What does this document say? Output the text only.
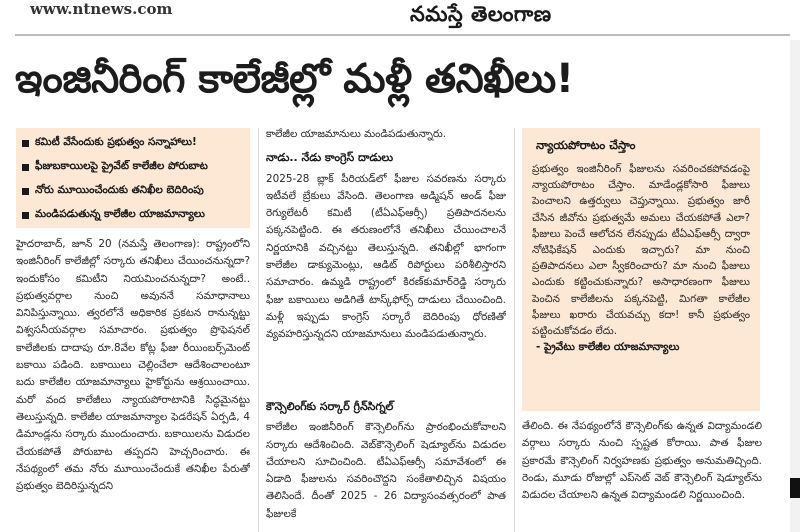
www.ntnews.com	నమస్తే తెలంగాణ
ఇంజినీరింగ్ కాలేజీల్లో మళ్లీ తనిఖీలు!
కమిటీ వేసేందుకు ప్రభుత్వం సన్నాహాలు!
ఫీజుబకాయిలపై ప్రైవేట్ కాలేజీల పోరుబాట
నోరు మూయించేందుకు తనిఖీల బెదిరింపు
మండిపడుతున్న కాలేజీల యాజమాన్యాలు

హైదరాబాద్, జూన్ 20 (నమస్తే తెలంగాణ): రాష్ట్రంలోని ఇంజినీరింగ్ కాలేజీల్లో సర్కారు తనిఖీలు చేయించనున్నదా? ఇందుకోసం కమిటీని నియమించనున్నదా? అంటే.. ప్రభుత్వవర్గాల నుంచి అవుననే సమాధానాలు వినిపిస్తున్నాయి. త్వరలోనే అధికారిక ప్రకటన రానున్నట్టు విశ్వసనీయవర్గాల సమాచారం. ప్రభుత్వం ప్రొఫెషనల్ కాలేజీలకు దాదాపు రూ.8వేల కోట్ల ఫీజు రీయింబర్స్‌మెంట్ బకాయి పడింది. బకాయిలు చెల్లించేలా ఆదేశించాలంటూ బదు కాలేజీల యాజమాన్యాలు హైకోర్టును ఆశ్రయించాయి. మరో వంద కాలేజీలు న్యాయపోరాటానికి సిద్ధమైనట్టు తెలుస్తున్నది. కాలేజీల యాజమాన్యాల ఫెడరేషన్ ఏర్పడి, 4 డిమాండ్లను సర్కారు ముందుంచారు. బకాయిలను విడుదల చేయకపోతే పోరుబాట తప్పదని హెచ్చరించారు. ఈ నేపథ్యంలో తమ నోరు మూయించేందుకే తనిఖీల పేరుతో ప్రభుత్వం బెదిరిస్తున్నదని

కాలేజీల యాజమానులు మండిపడుతున్నారు.

నాడు.. నేడు కాంగ్రెస్ దాడులు

2025-28 బ్లాక్ పీరియడ్‌లో ఫీజుల సవరణను సర్కారు ఇటీవలే బ్రేకులు వేసింది. తెలంగాణ అడ్మిషన్ అండ్ ఫీజు రెగ్యులేటరీ కమిటీ (టీఏఎఫ్‌ఆర్సీ) ప్రతిపాదనలను పక్కనపెట్టింది. ఈ తరుణంలోనే తనిఖీలు చేయించాలనే నిర్ణయానికి వచ్చినట్టు తెలుస్తున్నది. తనిఖీల్లో భాగంగా కాలేజీల డాక్యుమెంట్లు, ఆడిట్ రిపోర్టులు పరిశీలిస్తారని సమాచారం. ఉమ్మడి రాష్ట్రంలో కిరణ్‌కుమార్‌రెడ్డి సర్కారు ఫీజు బకాయిలు అడిగితే టాస్క్‌ఫోర్స్ దాడులు చేయించింది. మళ్లీ ఇప్పుడు కాంగ్రెస్ సర్కారే బెదిరింపు ధోరణితో వ్యవహరిస్తున్నదని యాజమానులు మండిపడుతున్నారు.

కౌన్సెలింగ్‌కు సర్కార్ గ్రీన్‌సిగ్నల్

కాలేజీల ఇంజినీరింగ్ కౌన్సెలింగ్‌ను ప్రారంభించుకోవాలని సర్కారు ఆదేశించింది. వెబ్‌కౌన్సెలింగ్ షెడ్యూల్‌ను విడుదల చేయాలని సూచించింది. టీఏఎఫ్‌ఆర్సీ సమావేశంలో ఈ ఏడాది ఫీజులను సవరించొద్దని సంకేతాలిచ్చిన విషయం తెలిసిందే. దీంతో 2025 - 26 విద్యాసంవత్సరంలో పాత ఫీజులకే

న్యాయపోరాటం చేస్తాం

ప్రభుత్వం ఇంజినీరింగ్ ఫీజులను సవరించకపోవడంపై న్యాయపోరాటం చేస్తాం. మాడేండ్లకోసారి ఫీజులు పెంచాలని ఉత్తర్వులు చెప్తున్నాయి. ప్రభుత్వం జారీ చేసిన జీవోను ప్రభుత్వమే అమలు చేయకపోతే ఎలా? ఫీజులు పెంచే ఆలోచన లేనప్పుడు టీఏఎఫ్‌ఆర్సీ ద్వారా నోటిఫికేషన్ ఎందుకు ఇచ్చారు? మా నుంచి ప్రతిపాదనలు ఎలా స్వీకరించారు? మా నుంచి ఫీజులు ఎందుకు కట్టించుకున్నారు? అసాధారణంగా ఫీజులు పెంచిన కాలేజీలను పక్కనపెట్టి, మిగతా కాలేజీల ఫీజులు ఖరారు చేయవచ్చు కదా! కానీ ప్రభుత్వం పట్టించుకోవడం లేదు.

- ప్రైవేటు కాలేజీల యాజమాన్యాలు

తేలింది. ఈ నేపథ్యంలోనే కౌన్సెలింగ్‌కు ఉన్నత విద్యామండలి వర్గాలు సర్కారు నుంచి స్పష్టత కోరాయి. పాత ఫీజుల ప్రకారమే కౌన్సెలింగ్ నిర్వహణకు ప్రభుత్వం అనుమతిచ్చింది. రెండు, మూడు రోజుల్లో ఎప్‌సెట్ వెబ్ కౌన్సెలింగ్ షెడ్యూల్‌ను విడుదల చేయాలని ఉన్నత విద్యామండలి నిర్ణయించింది.
